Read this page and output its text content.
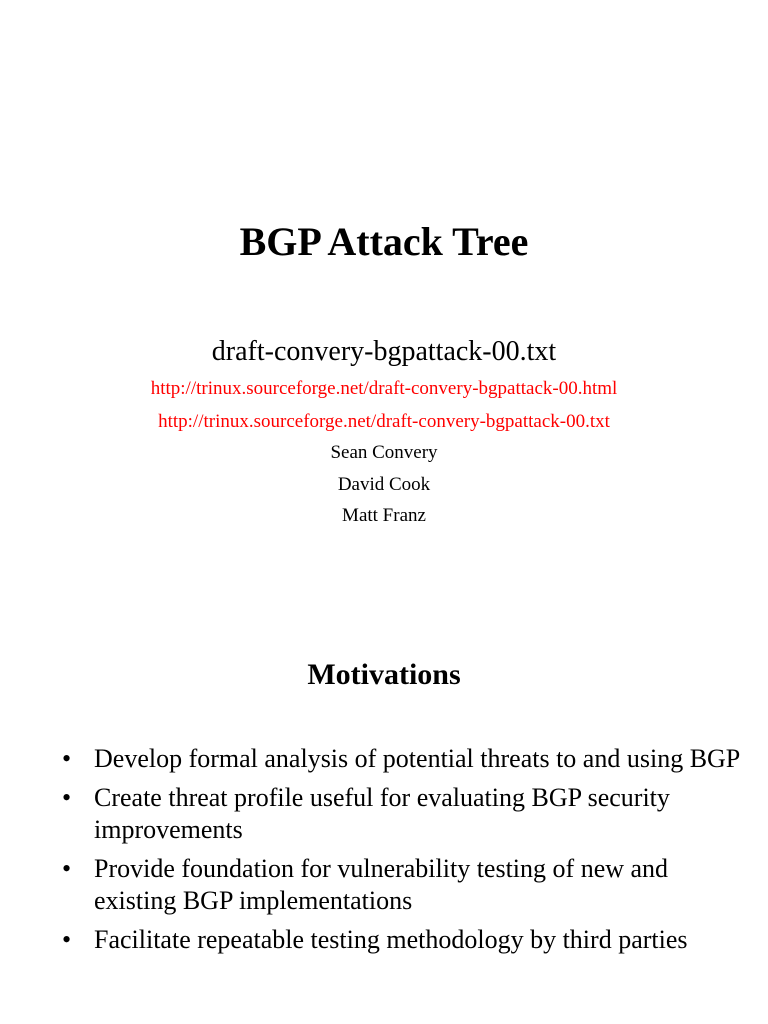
BGP Attack Tree
draft-convery-bgpattack-00.txt
http://trinux.sourceforge.net/draft-convery-bgpattack-00.html
http://trinux.sourceforge.net/draft-convery-bgpattack-00.txt
Sean Convery
David Cook
Matt Franz
Motivations
• Develop formal analysis of potential threats to and using BGP
• Create threat profile useful for evaluating BGP security improvements
• Provide foundation for vulnerability testing of new and existing BGP implementations
• Facilitate repeatable testing methodology by third parties
